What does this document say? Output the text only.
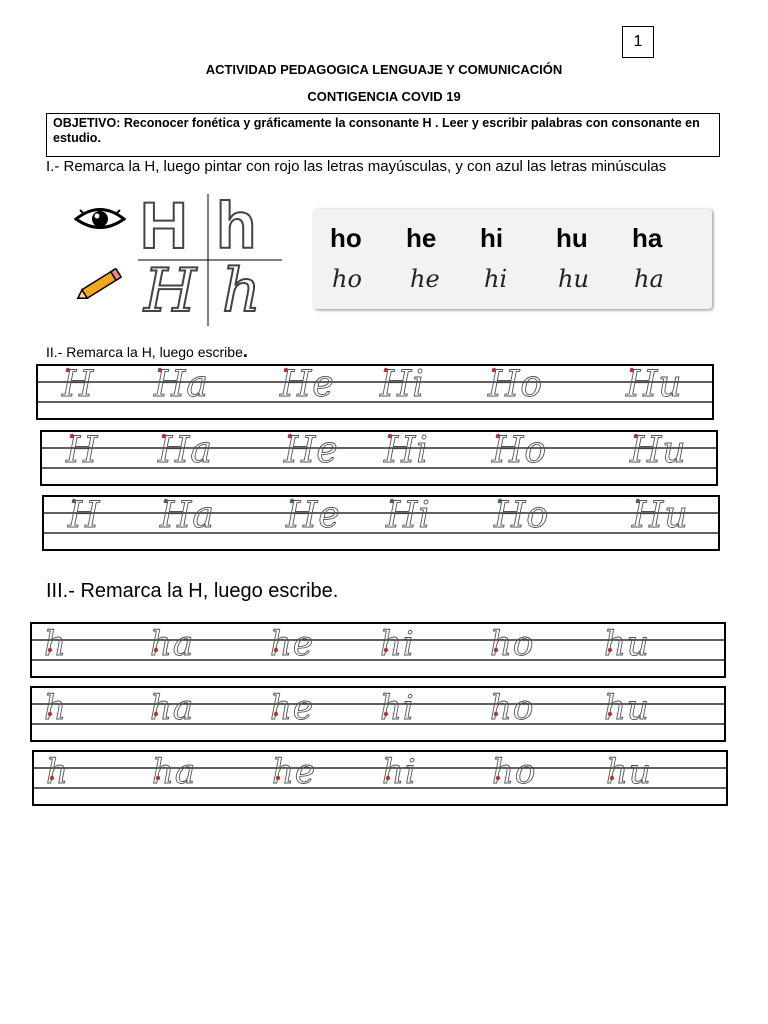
1
ACTIVIDAD PEDAGOGICA LENGUAJE Y COMUNICACIÓN
CONTIGENCIA COVID 19
OBJETIVO: Reconocer fonética y gráficamente la consonante H . Leer y escribir palabras con consonante en estudio.
I.- Remarca la H, luego pintar con rojo las letras mayúsculas, y con azul las letras minúsculas
H h
H h
ho he hi hu ha
ho he hi hu ha
II.- Remarca la H, luego escribe.
H Ha He Hi Ho Hu
H Ha He Hi Ho Hu
H Ha He Hi Ho Hu
h ha he hi ho hu
h ha he hi ho hu
h ha he hi ho hu
III.- Remarca la H, luego escribe.
